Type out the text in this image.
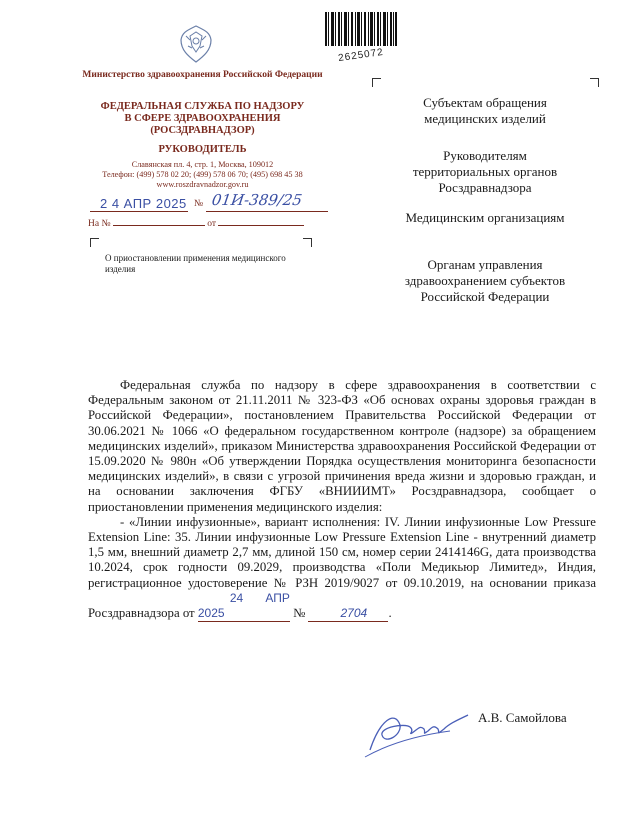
2625072
Министерство здравоохранения Российской Федерации
ФЕДЕРАЛЬНАЯ СЛУЖБА ПО НАДЗОРУ
В СФЕРЕ ЗДРАВООХРАНЕНИЯ
(РОСЗДРАВНАДЗОР)
РУКОВОДИТЕЛЬ
Славянская пл. 4, стр. 1, Москва, 109012
Телефон: (499) 578 02 20; (499) 578 06 70; (495) 698 45 38
www.roszdravnadzor.gov.ru
2 4 АПР 2025 № 01И-389/25
На №	от
О приостановлении применения медицинского изделия
Субъектам обращения медицинских изделий
Руководителям территориальных органов Росздравнадзора
Медицинским организациям
Органам управления здравоохранением субъектов Российской Федерации

Федеральная служба по надзору в сфере здравоохранения в соответствии с Федеральным законом от 21.11.2011 № 323-ФЗ «Об основах охраны здоровья граждан в Российской Федерации», постановлением Правительства Российской Федерации от 30.06.2021 № 1066 «О федеральном государственном контроле (надзоре) за обращением медицинских изделий», приказом Министерства здравоохранения Российской Федерации от 15.09.2020 № 980н «Об утверждении Порядка осуществления мониторинга безопасности медицинских изделий», в связи с угрозой причинения вреда жизни и здоровью граждан, и на основании заключения ФГБУ «ВНИИИМТ» Росздравнадзора, сообщает о приостановлении применения медицинского изделия:

- «Линии инфузионные», вариант исполнения: IV. Линии инфузионные Low Pressure Extension Line: 35. Линии инфузионные Low Pressure Extension Line - внутренний диаметр 1,5 мм, внешний диаметр 2,7 мм, длиной 150 см, номер серии 2414146G, дата производства 10.2024, срок годности 09.2029, производства «Поли Медикьюр Лимитед», Индия, регистрационное удостоверение № РЗН 2019/9027 от 09.10.2019, на основании приказа Росздравнадзора от 24 АПР 2025	№	2704 .

А.В. Самойлова
